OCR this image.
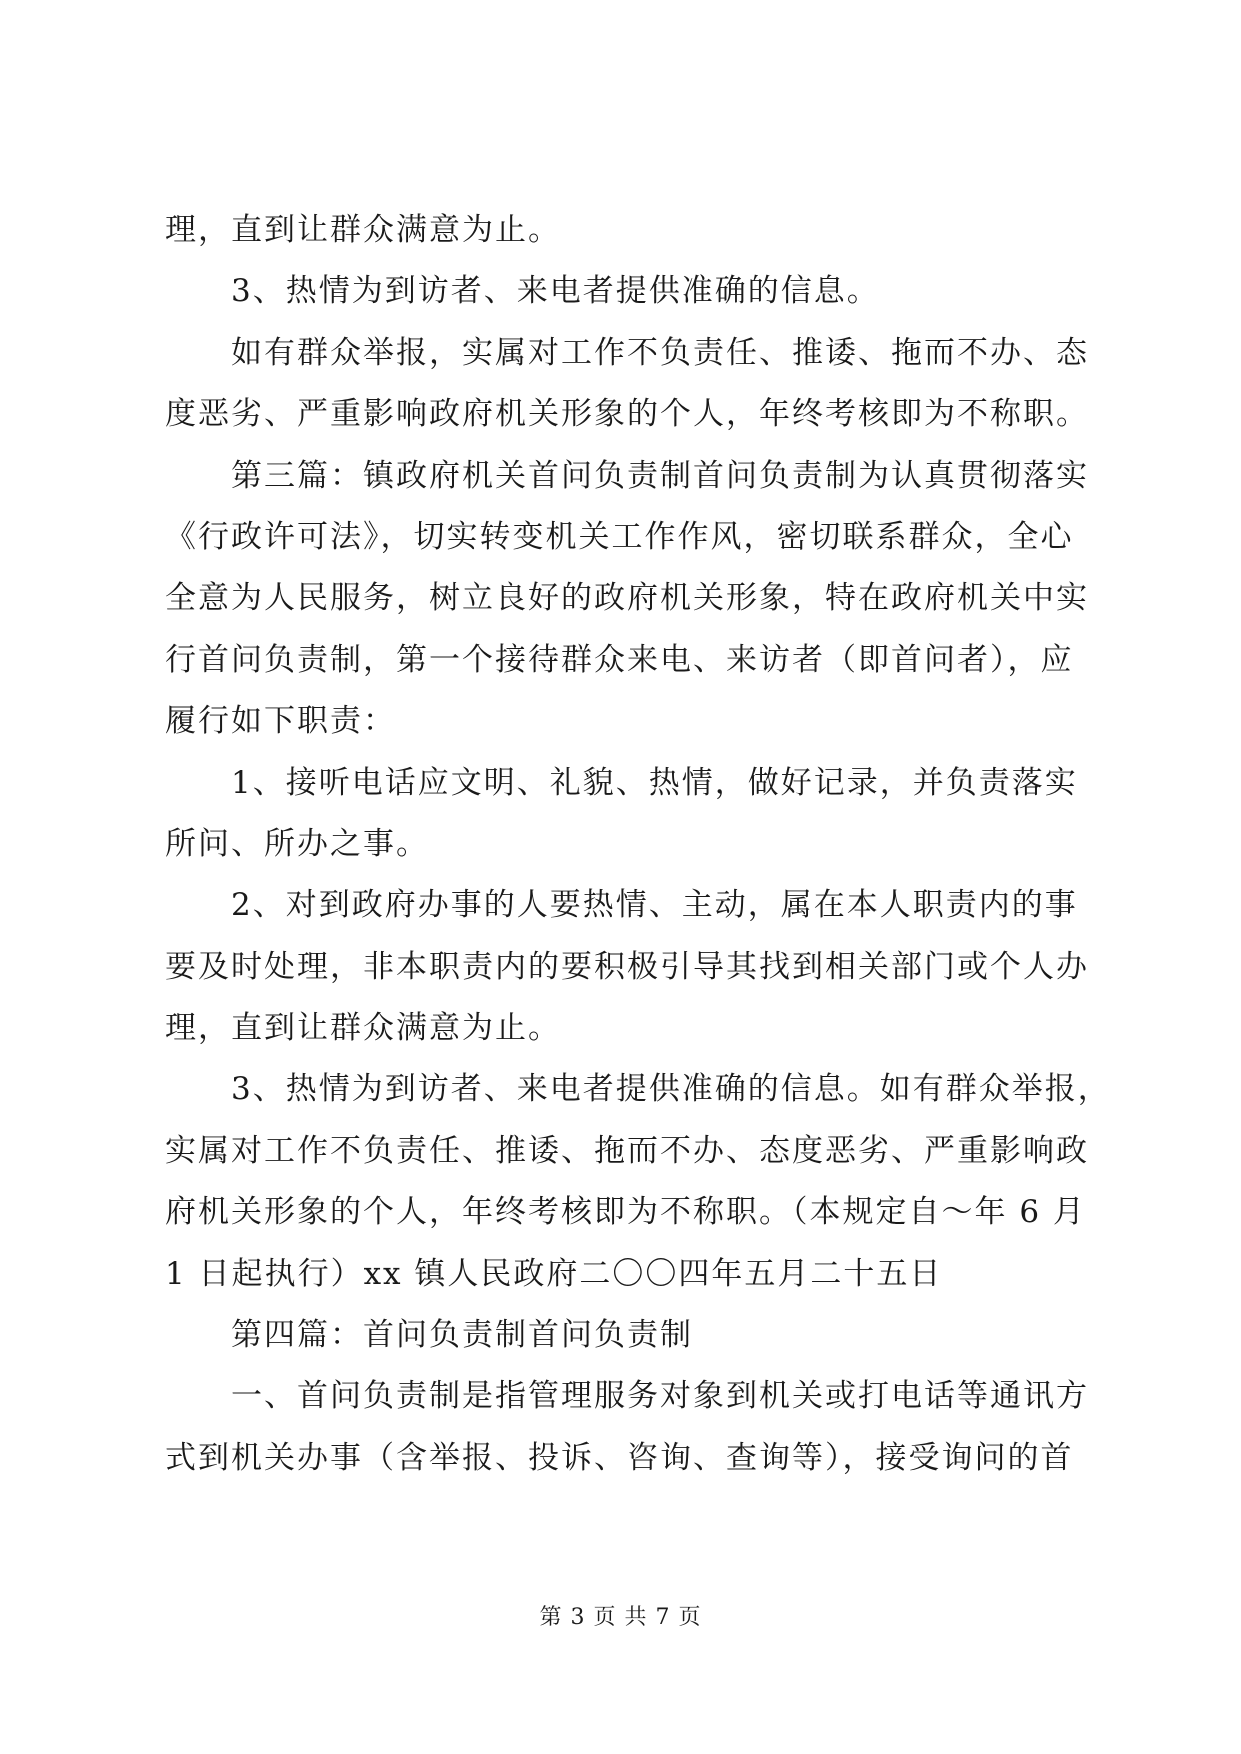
理，直到让群众满意为止。
3、热情为到访者、来电者提供准确的信息。
如有群众举报，实属对工作不负责任、推诿、拖而不办、态
度恶劣、严重影响政府机关形象的个人，年终考核即为不称职。
第三篇：镇政府机关首问负责制首问负责制为认真贯彻落实
《行政许可法》，切实转变机关工作作风，密切联系群众，全心
全意为人民服务，树立良好的政府机关形象，特在政府机关中实
行首问负责制，第一个接待群众来电、来访者（即首问者），应
履行如下职责：
1、接听电话应文明、礼貌、热情，做好记录，并负责落实
所问、所办之事。
2、对到政府办事的人要热情、主动，属在本人职责内的事
要及时处理，非本职责内的要积极引导其找到相关部门或个人办
理，直到让群众满意为止。
3、热情为到访者、来电者提供准确的信息。如有群众举报，
实属对工作不负责任、推诿、拖而不办、态度恶劣、严重影响政
府机关形象的个人，年终考核即为不称职。（本规定自～年 6 月
1 日起执行）xx 镇人民政府二〇〇四年五月二十五日
第四篇：首问负责制首问负责制
一、首问负责制是指管理服务对象到机关或打电话等通讯方
式到机关办事（含举报、投诉、咨询、查询等），接受询问的首
第 3 页 共 7 页
